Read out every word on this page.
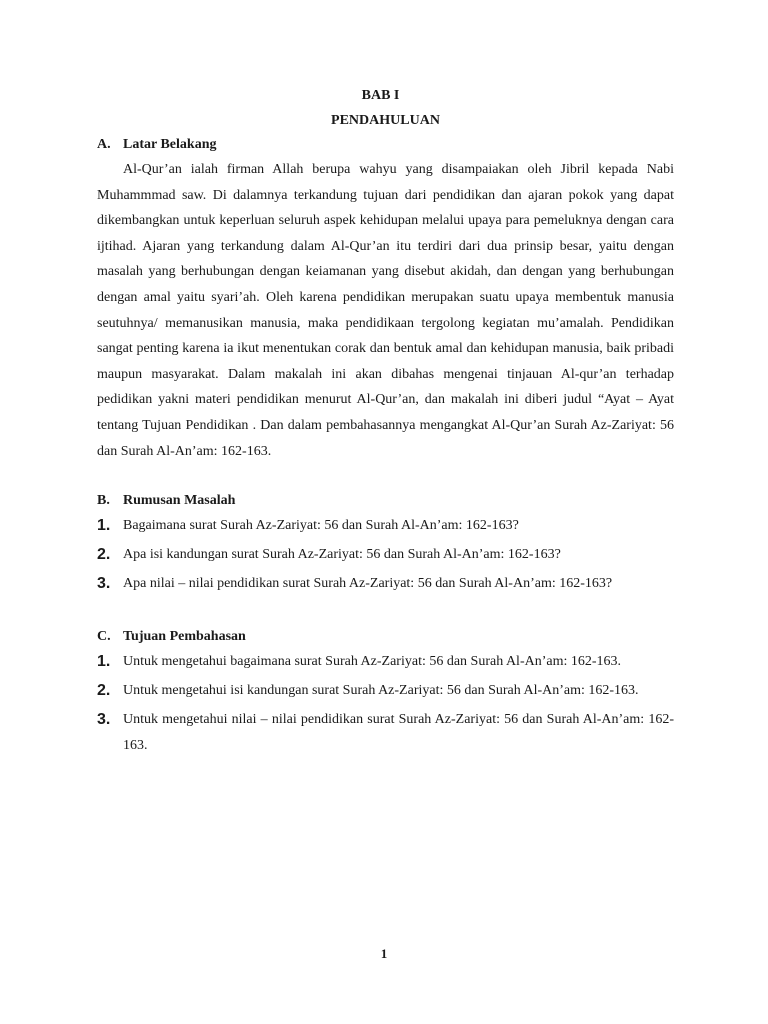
BAB I

PENDAHULUAN

A. Latar Belakang

Al-Qur’an ialah firman Allah berupa wahyu yang disampaiakan oleh Jibril kepada Nabi Muhammmad saw. Di dalamnya terkandung tujuan dari pendidikan dan ajaran pokok yang dapat dikembangkan untuk keperluan seluruh aspek kehidupan melalui upaya para pemeluknya dengan cara ijtihad. Ajaran yang terkandung dalam Al-Qur’an itu terdiri dari dua prinsip besar, yaitu dengan masalah yang berhubungan dengan keiamanan yang disebut akidah, dan dengan yang berhubungan dengan amal yaitu syari’ah. Oleh karena pendidikan merupakan suatu upaya membentuk manusia seutuhnya/ memanusikan manusia, maka pendidikaan tergolong kegiatan mu’amalah. Pendidikan sangat penting karena ia ikut menentukan corak dan bentuk amal dan kehidupan manusia, baik pribadi maupun masyarakat. Dalam makalah ini akan dibahas mengenai tinjauan Al-qur’an terhadap pedidikan yakni materi pendidikan menurut Al-Qur’an, dan makalah ini diberi judul “Ayat – Ayat tentang Tujuan Pendidikan . Dan dalam pembahasannya mengangkat Al-Qur’an Surah Az-Zariyat: 56 dan Surah Al-An’am: 162-163.

B. Rumusan Masalah
1. Bagaimana surat Surah Az-Zariyat: 56 dan Surah Al-An’am: 162-163?
2. Apa isi kandungan surat Surah Az-Zariyat: 56 dan Surah Al-An’am: 162-163?
3. Apa nilai – nilai pendidikan surat Surah Az-Zariyat: 56 dan Surah Al-An’am: 162-163?
C. Tujuan Pembahasan
1. Untuk mengetahui bagaimana surat Surah Az-Zariyat: 56 dan Surah Al-An’am: 162-163.
2. Untuk mengetahui isi kandungan surat Surah Az-Zariyat: 56 dan Surah Al-An’am: 162-163.
3. Untuk mengetahui nilai – nilai pendidikan surat Surah Az-Zariyat: 56 dan Surah Al-An’am: 162-163.
1
